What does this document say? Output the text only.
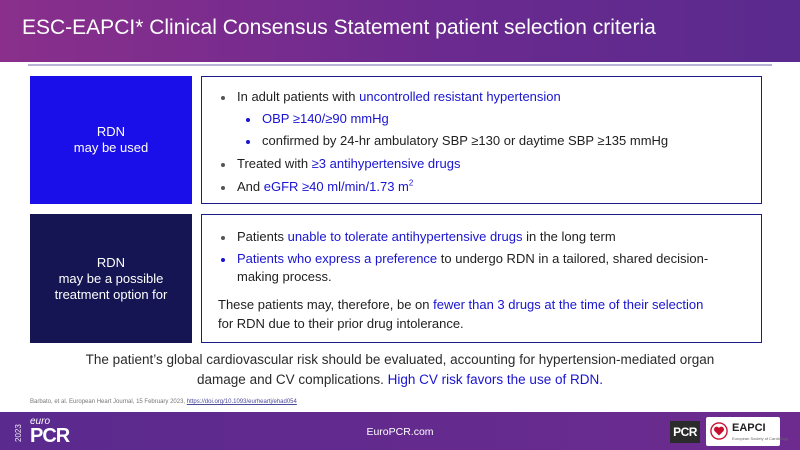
ESC-EAPCI* Clinical Consensus Statement patient selection criteria
RDN
may be used
In adult patients with uncontrolled resistant hypertension
OBP ≥140/≥90 mmHg
confirmed by 24-hr ambulatory SBP ≥130 or daytime SBP ≥135 mmHg
Treated with ≥3 antihypertensive drugs
And eGFR ≥40 ml/min/1.73 $m^2$
RDN
may be a possible
treatment option for
Patients unable to tolerate antihypertensive drugs in the long term
Patients who express a preference to undergo RDN in a tailored, shared decision-
making process.
These patients may, therefore, be on fewer than 3 drugs at the time of their selection
for RDN due to their prior drug intolerance.
The patient’s global cardiovascular risk should be evaluated, accounting for hypertension-mediated organ
damage and CV complications. High CV risk favors the use of RDN.
Barbato, et al. European Heart Journal, 15 February 2023, https://doi.org/10.1093/eurheartj/ehad054
2023
euro
PCR	EuroPCR.com	PCR	EAPCI
European Society of Cardiology
